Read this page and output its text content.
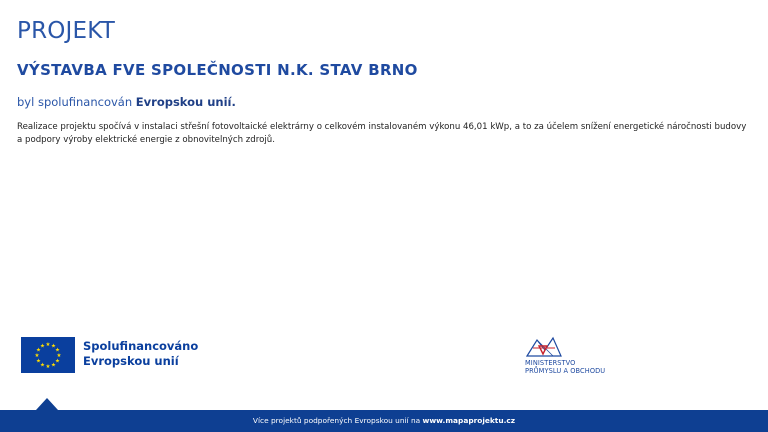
PROJEKT
VÝSTAVBA FVE SPOLEČNOSTI N.K. STAV BRNO
byl spolufinancován Evropskou unií.
Realizace projektu spočívá v instalaci střešní fotovoltaické elektrárny o celkovém instalovaném výkonu 46,01 kWp, a to za účelem snížení energetické náročnosti budovy a podpory výroby elektrické energie z obnovitelných zdrojů.
★ ★
★
★
★
★
★
★
★
★
★
★	Spolufinancováno
Evropskou unií	MINISTERSTVO
PRŮMYSLU A OBCHODU
Více projektů podpořených Evropskou unií na www.mapaprojektu.cz
